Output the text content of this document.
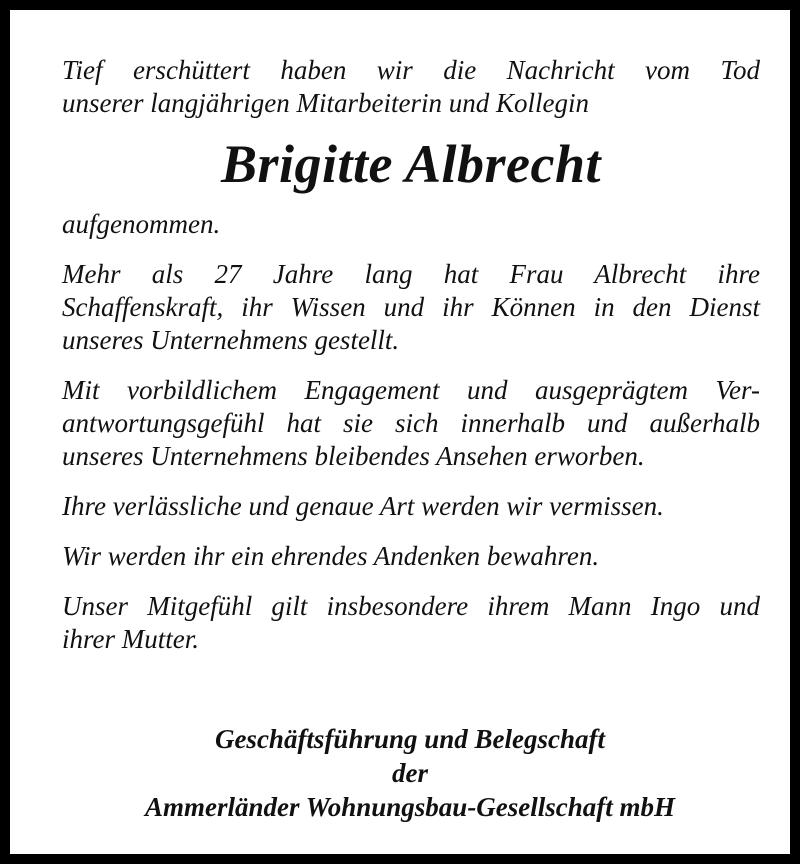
Tief erschüttert haben wir die Nachricht vom Tod
unserer langjährigen Mitarbeiterin und Kollegin
Brigitte Albrecht
aufgenommen.
Mehr als 27 Jahre lang hat Frau Albrecht ihre
Schaffenskraft, ihr Wissen und ihr Können in den Dienst
unseres Unternehmens gestellt.
Mit vorbildlichem Engagement und ausgeprägtem Ver-
antwortungsgefühl hat sie sich innerhalb und außerhalb
unseres Unternehmens bleibendes Ansehen erworben.
Ihre verlässliche und genaue Art werden wir vermissen.
Wir werden ihr ein ehrendes Andenken bewahren.
Unser Mitgefühl gilt insbesondere ihrem Mann Ingo und
ihrer Mutter.
Geschäftsführung und Belegschaft
der
Ammerländer Wohnungsbau-Gesellschaft mbH
